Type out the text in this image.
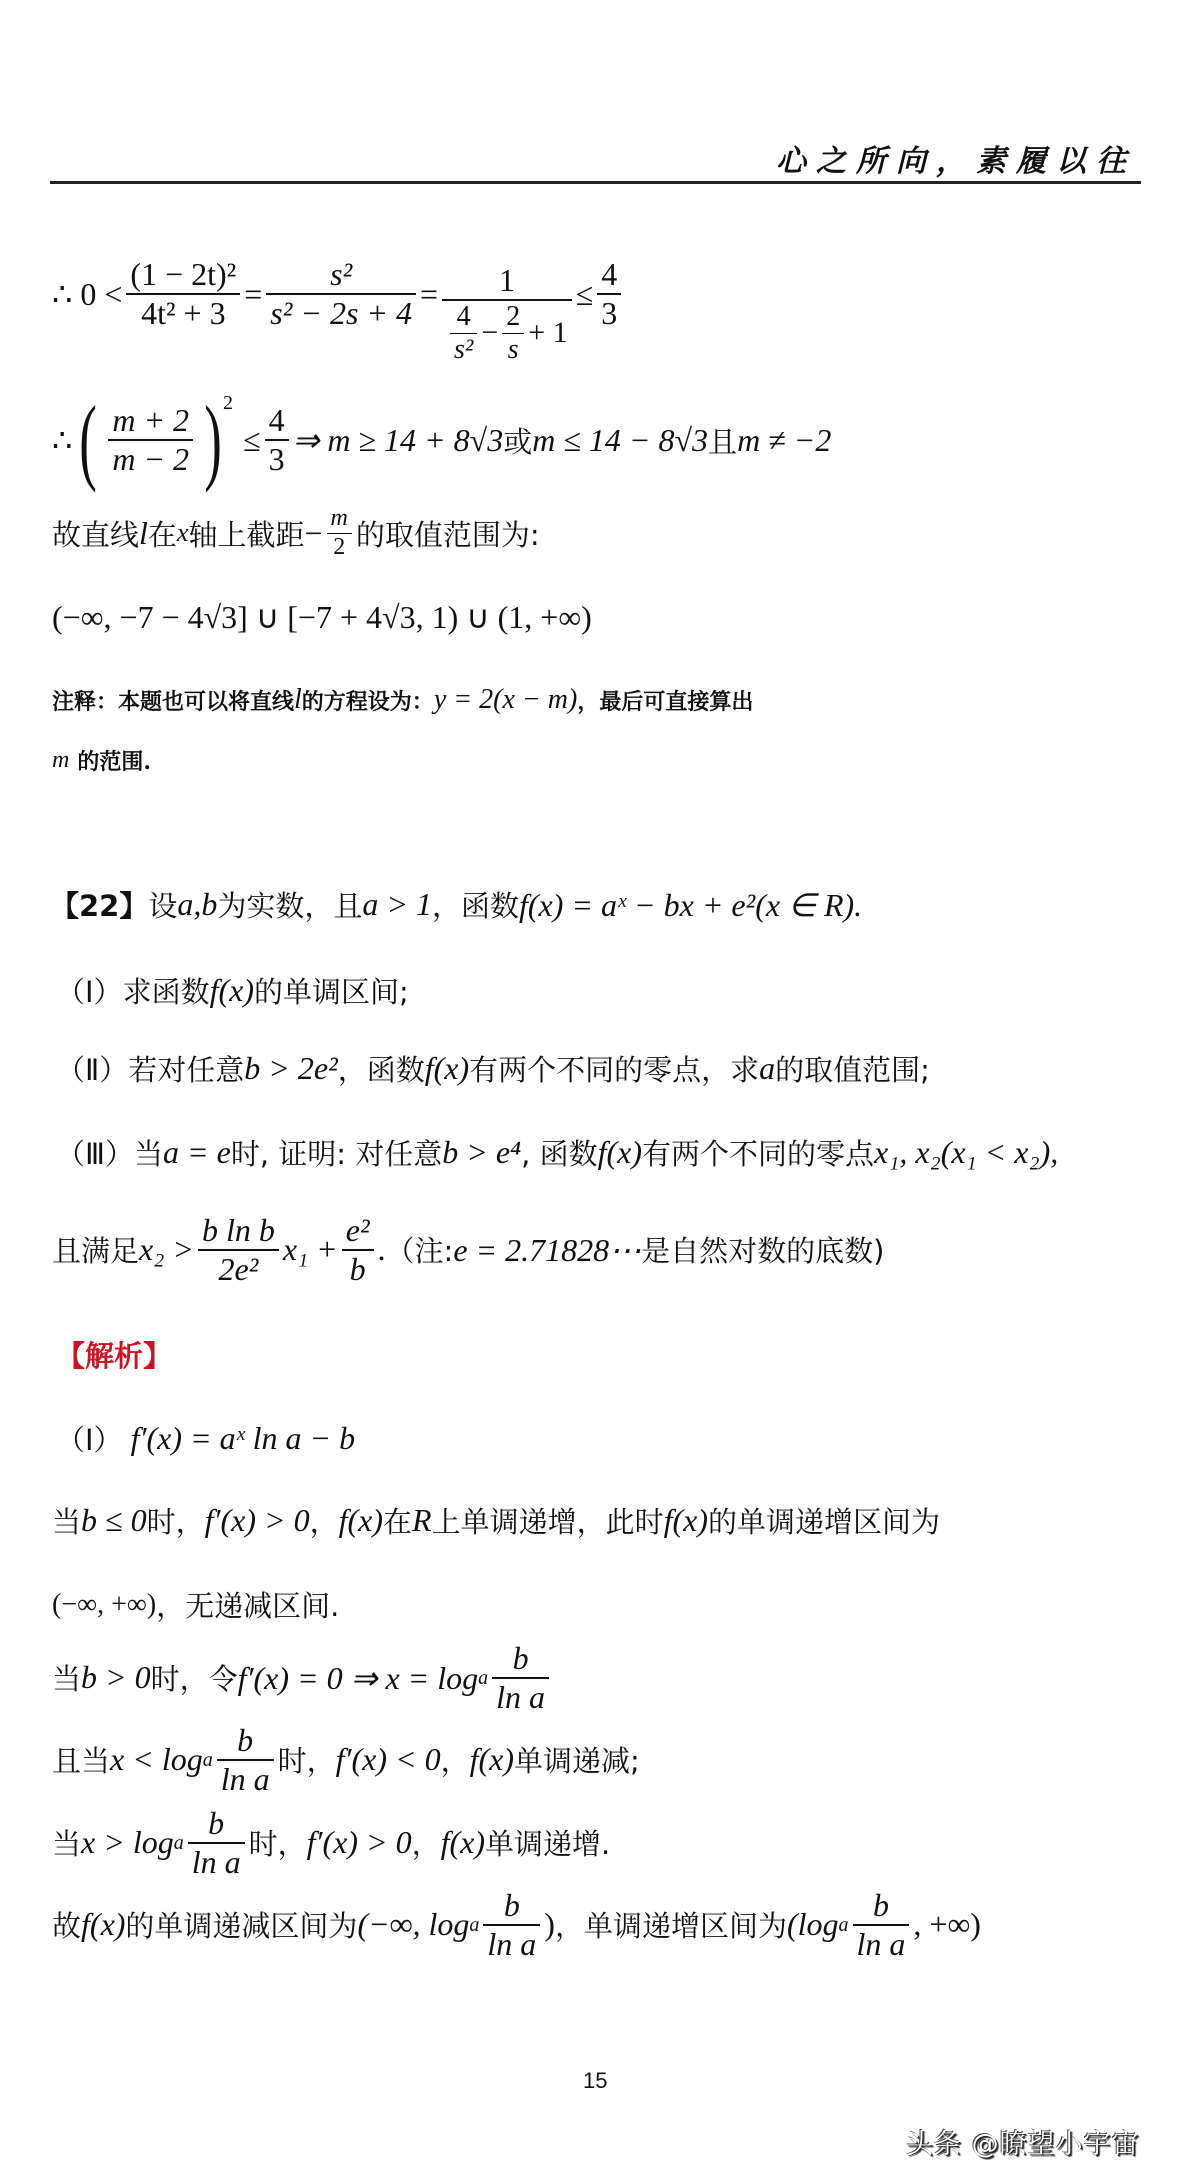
心之所向，素履以往
∴ $0 < \frac{\text{(1 − 2t)²}}{\text{4t² + 3}} = \frac{\text{s²}}{\text{s² − 2s + 4}} = 1$
$\frac{4}{\text{s²}} - \frac{2}{s} + 1$
≤ $\frac{4}{3}$
∴ ( $\frac{m + 2}{m - 2}$ ) 2
≤ $\frac{4}{3}$ ⇒ m ≥ 14 + 8√3 或 m ≤ 14 − 8√3 且 m ≠ −2
故直线 l 在 x 轴上截距 − $\frac{m}{2}$ 的取值范围为:
(−∞, −7 − 4√3] ∪ [−7 + 4√3, 1) ∪ (1, +∞)
注释：本题也可以将直线 l 的方程设为： y = 2(x − m) ，最后可直接算出
m 的范围.
【22】 设 a,b 为实数，且 a > 1 ，函数 f(x) = aˣ − bx + e²(x ∈ R).
（Ⅰ） 求函数 f(x) 的单调区间;
（Ⅱ） 若对任意 b > 2e² ，函数 f(x) 有两个不同的零点，求 a 的取值范围;
（Ⅲ） 当 a = e 时, 证明: 对任意 b > e⁴ , 函数 f(x) 有两个不同的零点 x₁, x₂(x₁ < x₂),
且满足 $x_2 > \frac{\text{b ln b}}{\text{2e²}} x_1 + \frac{\text{e²}}{b}$ . （注: e = 2.71828⋯ 是自然对数的底数)
【解析】
（Ⅰ） f′(x) = aˣ ln a − b
当 b ≤ 0 时， f′(x) > 0 ， f(x) 在 R 上单调递增，此时 f(x) 的单调递增区间为
(−∞, +∞) ，无递减区间.
当 b > 0 时，令 f′(x) = 0 ⇒ x = log a $\frac{b}{\text{ln a}}$
且当 x < log a $\frac{b}{\text{ln a}}$ 时， f′(x) < 0 ， f(x) 单调递减;
当 x > log a $\frac{b}{\text{ln a}}$ 时， f′(x) > 0 ， f(x) 单调递增.
故 f(x) 的单调递减区间为 (−∞, log a $\frac{b}{\text{ln a}}$ ) ，单调递增区间为 (log a $\frac{b}{\text{ln a}}$ , +∞)
15
头条 @瞭望小宇宙
